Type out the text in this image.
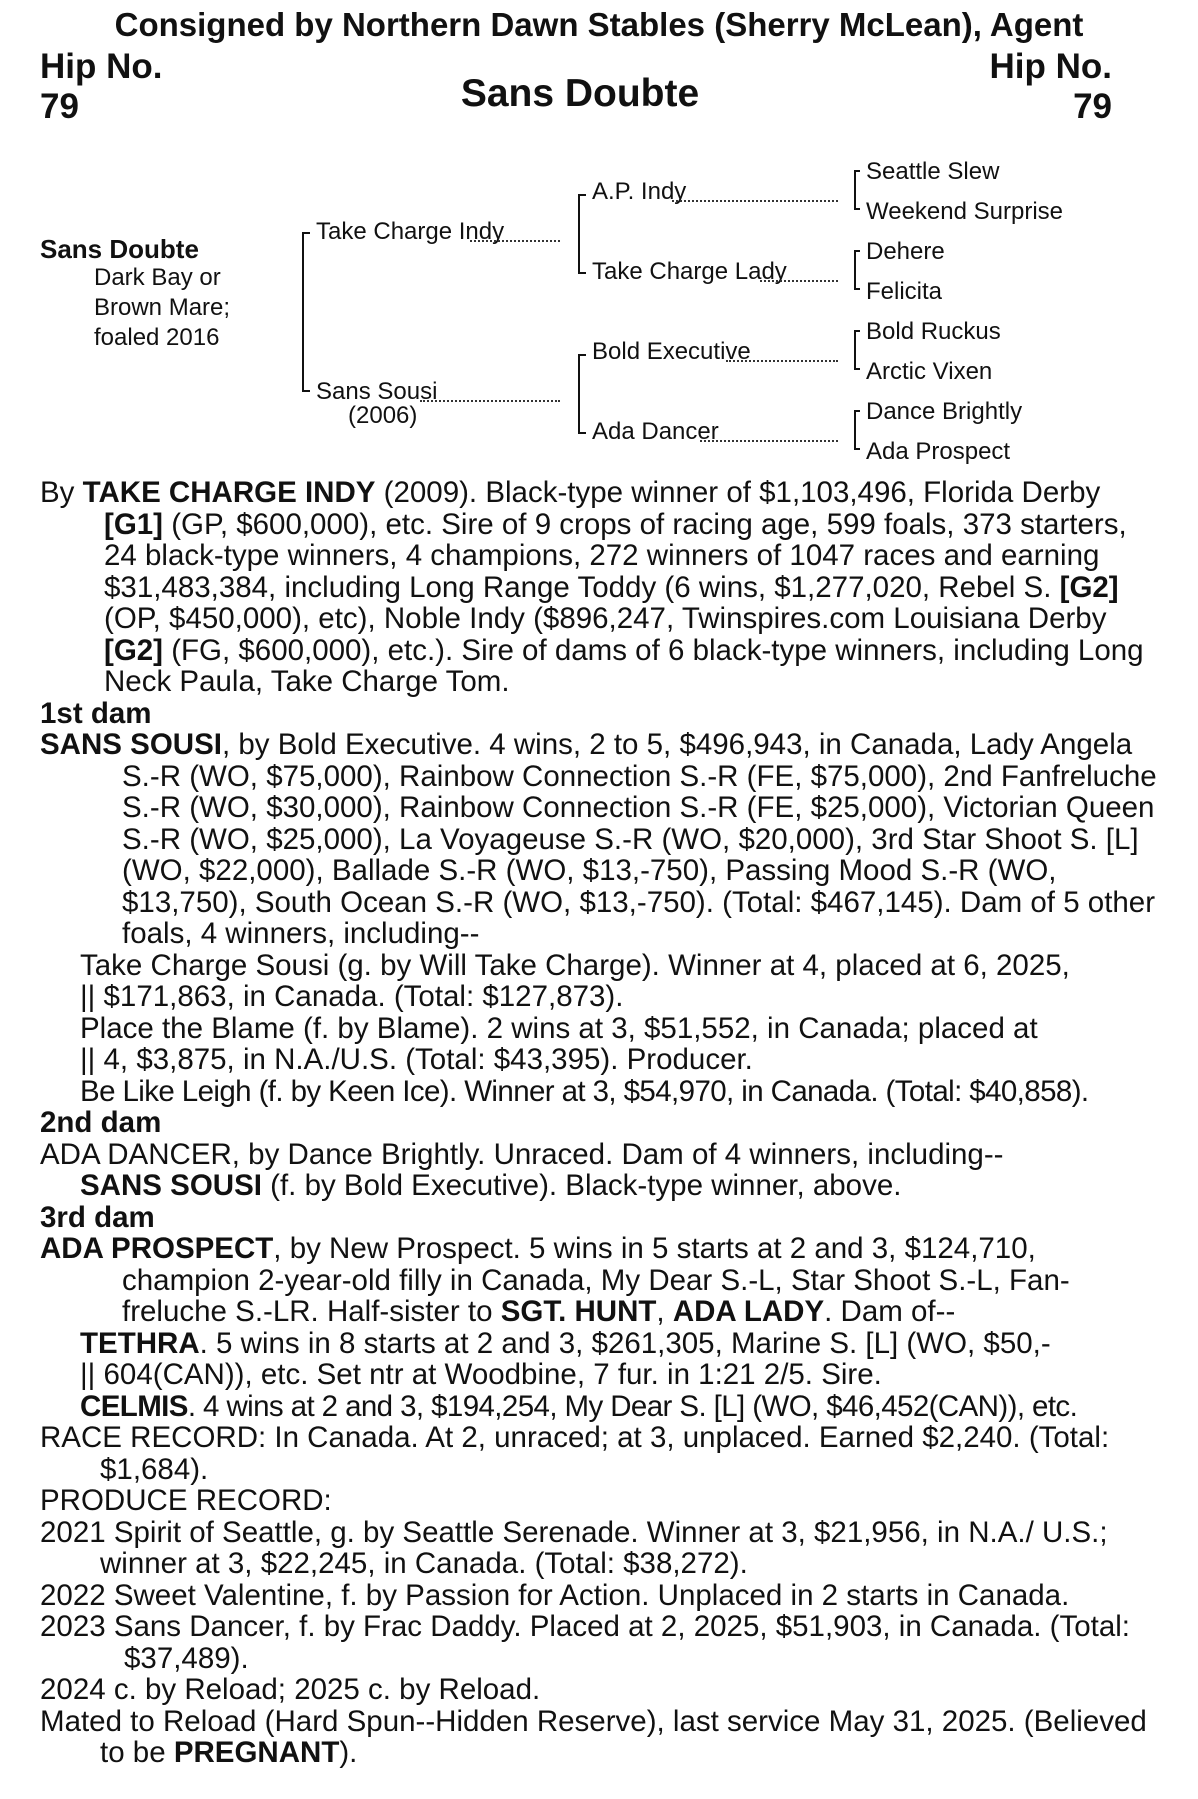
Consigned by Northern Dawn Stables (Sherry McLean), Agent
Hip No.
79
Hip No.
79
Sans Doubte
Sans Doubte
Dark Bay or
Brown Mare;
foaled 2016
Take Charge Indy
Sans Sousi
(2006)
A.P. Indy
Take Charge Lady
Bold Executive
Ada Dancer
Seattle Slew
Weekend Surprise
Dehere
Felicita
Bold Ruckus
Arctic Vixen
Dance Brightly
Ada Prospect

By TAKE CHARGE INDY (2009). Black-type winner of $1,103,496, Florida Derby [G1] (GP, $600,000), etc. Sire of 9 crops of racing age, 599 foals, 373 starters, 24 black-type winners, 4 champions, 272 winners of 1047 races and earning $31,483,384, including Long Range Toddy (6 wins, $1,277,020, Rebel S. [G2] (OP, $450,000), etc), Noble Indy ($896,247, Twinspires.com Louisiana Derby [G2] (FG, $600,000), etc.). Sire of dams of 6 black-type winners, including Long Neck Paula, Take Charge Tom.

1st dam

SANS SOUSI, by Bold Executive. 4 wins, 2 to 5, $496,943, in Canada, Lady Angela S.-R (WO, $75,000), Rainbow Connection S.-R (FE, $75,000), 2nd Fanfreluche S.-R (WO, $30,000), Rainbow Connection S.-R (FE, $25,000), Victorian Queen S.-R (WO, $25,000), La Voyageuse S.-R (WO, $20,000), 3rd Star Shoot S. [L] (WO, $22,000), Ballade S.-R (WO, $13,-750), Passing Mood S.-R (WO, $13,750), South Ocean S.-R (WO, $13,-750). (Total: $467,145). Dam of 5 other foals, 4 winners, including--

Take Charge Sousi (g. by Will Take Charge). Winner at 4, placed at 6, 2025,
|| $171,863, in Canada. (Total: $127,873).

Place the Blame (f. by Blame). 2 wins at 3, $51,552, in Canada; placed at
|| 4, $3,875, in N.A./U.S. (Total: $43,395). Producer.

Be Like Leigh (f. by Keen Ice). Winner at 3, $54,970, in Canada. (Total: $40,858).

2nd dam

ADA DANCER, by Dance Brightly. Unraced. Dam of 4 winners, including--

SANS SOUSI (f. by Bold Executive). Black-type winner, above.

3rd dam

ADA PROSPECT, by New Prospect. 5 wins in 5 starts at 2 and 3, $124,710, champion 2-year-old filly in Canada, My Dear S.-L, Star Shoot S.-L, Fan-freluche S.-LR. Half-sister to SGT. HUNT, ADA LADY. Dam of--

TETHRA. 5 wins in 8 starts at 2 and 3, $261,305, Marine S. [L] (WO, $50,-
|| 604(CAN)), etc. Set ntr at Woodbine, 7 fur. in 1:21 2/5. Sire.

CELMIS. 4 wins at 2 and 3, $194,254, My Dear S. [L] (WO, $46,452(CAN)), etc.

RACE RECORD: In Canada. At 2, unraced; at 3, unplaced. Earned $2,240. (Total: $1,684).

PRODUCE RECORD:

2021 Spirit of Seattle, g. by Seattle Serenade. Winner at 3, $21,956, in N.A./ U.S.; winner at 3, $22,245, in Canada. (Total: $38,272).

2022 Sweet Valentine, f. by Passion for Action. Unplaced in 2 starts in Canada.

2023 Sans Dancer, f. by Frac Daddy. Placed at 2, 2025, $51,903, in Canada. (Total: $37,489).

2024 c. by Reload; 2025 c. by Reload.

Mated to Reload (Hard Spun--Hidden Reserve), last service May 31, 2025. (Believed to be PREGNANT).
